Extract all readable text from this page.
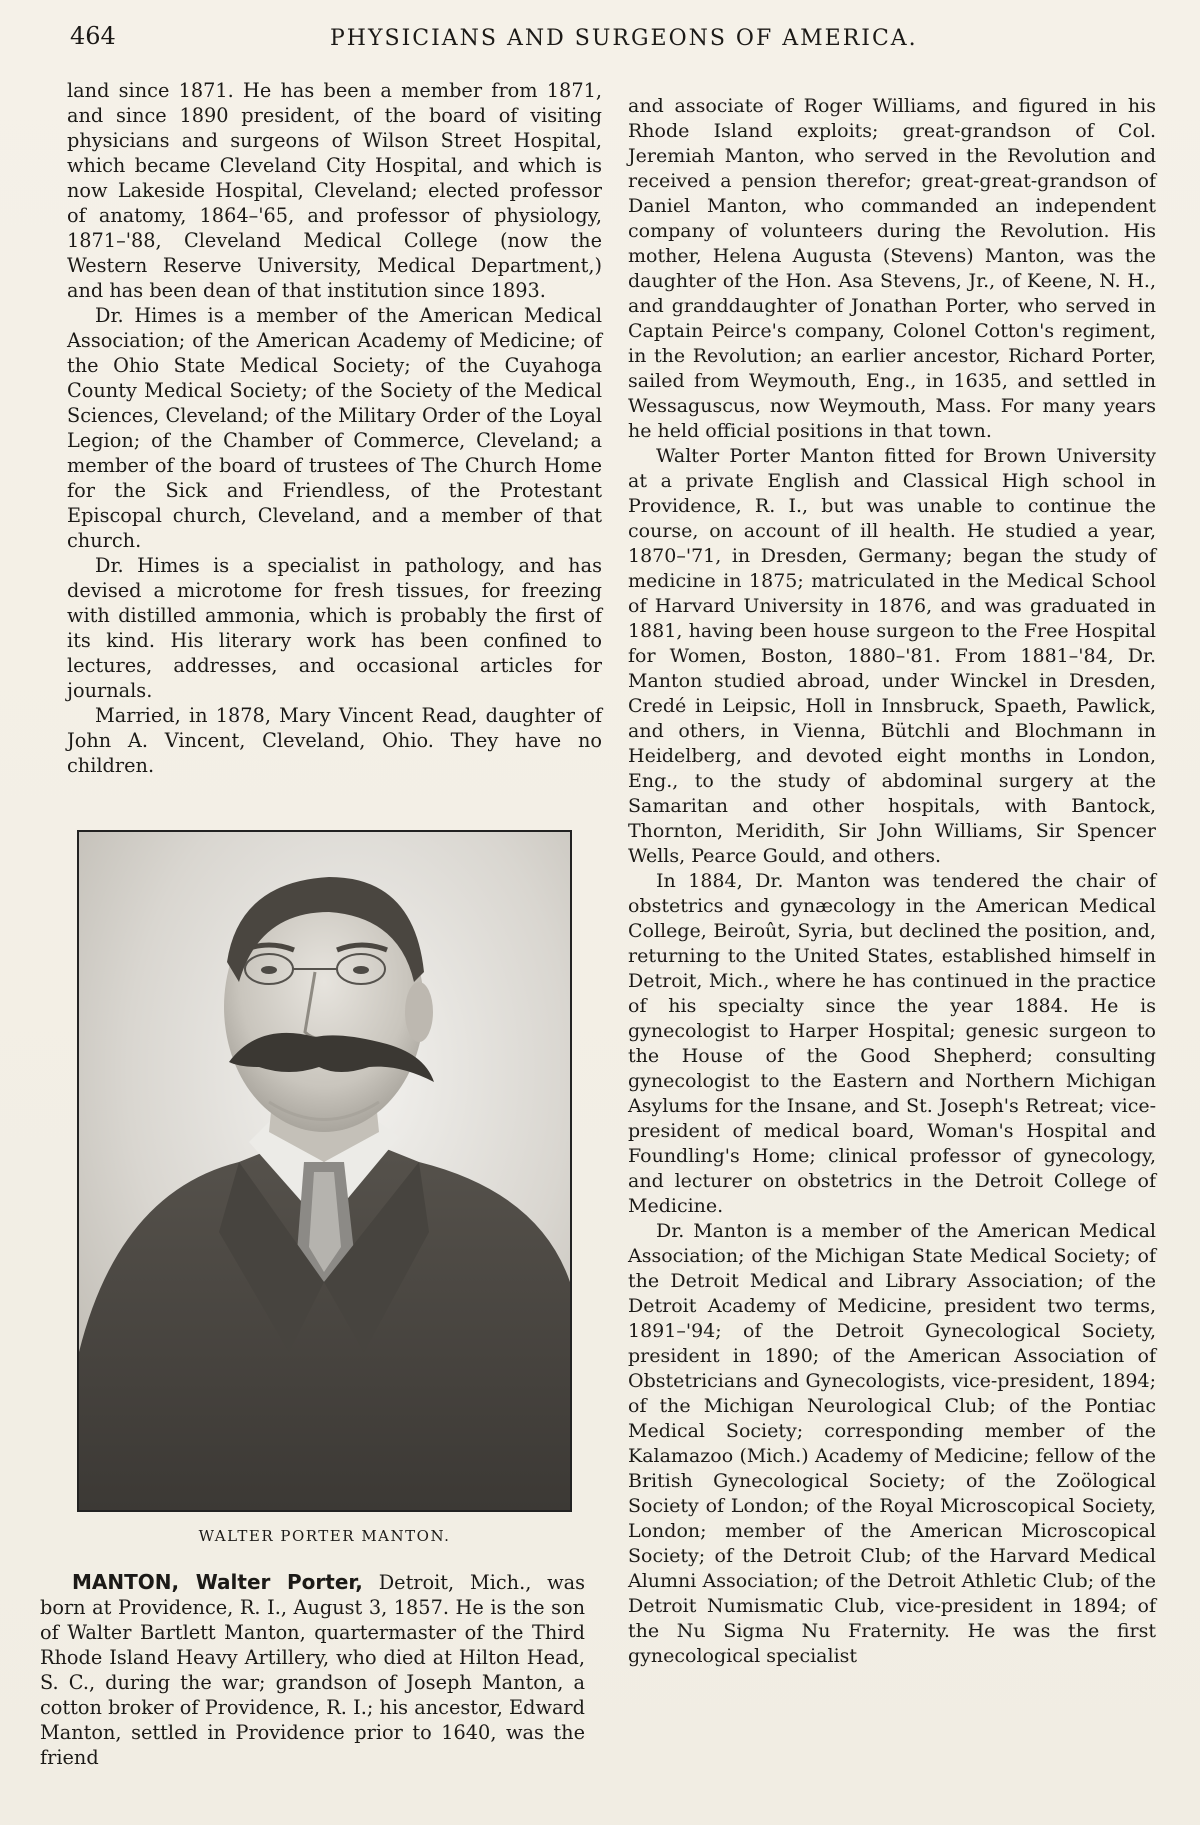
464	PHYSICIANS AND SURGEONS OF AMERICA.

land since 1871. He has been a member from 1871, and since 1890 president, of the board of visiting physicians and surgeons of Wilson Street Hospital, which became Cleveland City Hospital, and which is now Lakeside Hospital, Cleveland; elected professor of anatomy, 1864–'65, and professor of physiology, 1871–'88, Cleveland Medical College (now the Western Reserve University, Medical Department,) and has been dean of that institution since 1893.

Dr. Himes is a member of the American Medical Association; of the American Academy of Medicine; of the Ohio State Medical Society; of the Cuyahoga County Medical Society; of the Society of the Medical Sciences, Cleveland; of the Military Order of the Loyal Legion; of the Chamber of Commerce, Cleveland; a member of the board of trustees of The Church Home for the Sick and Friendless, of the Protestant Episcopal church, Cleveland, and a member of that church.

Dr. Himes is a specialist in pathology, and has devised a microtome for fresh tissues, for freezing with distilled ammonia, which is probably the first of its kind. His literary work has been confined to lectures, addresses, and occasional articles for journals.

Married, in 1878, Mary Vincent Read, daughter of John A. Vincent, Cleveland, Ohio. They have no children.

WALTER PORTER MANTON.

MANTON, Walter Porter, Detroit, Mich., was born at Providence, R. I., August 3, 1857. He is the son of Walter Bartlett Manton, quartermaster of the Third Rhode Island Heavy Artillery, who died at Hilton Head, S. C., during the war; grandson of Joseph Manton, a cotton broker of Providence, R. I.; his ancestor, Edward Manton, settled in Providence prior to 1640, was the friend

and associate of Roger Williams, and figured in his Rhode Island exploits; great-grandson of Col. Jeremiah Manton, who served in the Revolution and received a pension therefor; great-great-grandson of Daniel Manton, who commanded an independent company of volunteers during the Revolution. His mother, Helena Augusta (Stevens) Manton, was the daughter of the Hon. Asa Stevens, Jr., of Keene, N. H., and granddaughter of Jonathan Porter, who served in Captain Peirce's company, Colonel Cotton's regiment, in the Revolution; an earlier ancestor, Richard Porter, sailed from Weymouth, Eng., in 1635, and settled in Wessaguscus, now Weymouth, Mass. For many years he held official positions in that town.

Walter Porter Manton fitted for Brown University at a private English and Classical High school in Providence, R. I., but was unable to continue the course, on account of ill health. He studied a year, 1870–'71, in Dresden, Germany; began the study of medicine in 1875; matriculated in the Medical School of Harvard University in 1876, and was graduated in 1881, having been house surgeon to the Free Hospital for Women, Boston, 1880–'81. From 1881–'84, Dr. Manton studied abroad, under Winckel in Dresden, Credé in Leipsic, Holl in Innsbruck, Spaeth, Pawlick, and others, in Vienna, Bütchli and Blochmann in Heidelberg, and devoted eight months in London, Eng., to the study of abdominal surgery at the Samaritan and other hospitals, with Bantock, Thornton, Meridith, Sir John Williams, Sir Spencer Wells, Pearce Gould, and others.

In 1884, Dr. Manton was tendered the chair of obstetrics and gynæcology in the American Medical College, Beiroût, Syria, but declined the position, and, returning to the United States, established himself in Detroit, Mich., where he has continued in the practice of his specialty since the year 1884. He is gynecologist to Harper Hospital; genesic surgeon to the House of the Good Shepherd; consulting gynecologist to the Eastern and Northern Michigan Asylums for the Insane, and St. Joseph's Retreat; vice-president of medical board, Woman's Hospital and Foundling's Home; clinical professor of gynecology, and lecturer on obstetrics in the Detroit College of Medicine.

Dr. Manton is a member of the American Medical Association; of the Michigan State Medical Society; of the Detroit Medical and Library Association; of the Detroit Academy of Medicine, president two terms, 1891–'94; of the Detroit Gynecological Society, president in 1890; of the American Association of Obstetricians and Gynecologists, vice-president, 1894; of the Michigan Neurological Club; of the Pontiac Medical Society; corresponding member of the Kalamazoo (Mich.) Academy of Medicine; fellow of the British Gynecological Society; of the Zoölogical Society of London; of the Royal Microscopical Society, London; member of the American Microscopical Society; of the Detroit Club; of the Harvard Medical Alumni Association; of the Detroit Athletic Club; of the Detroit Numismatic Club, vice-president in 1894; of the Nu Sigma Nu Fraternity. He was the first gynecological specialist
